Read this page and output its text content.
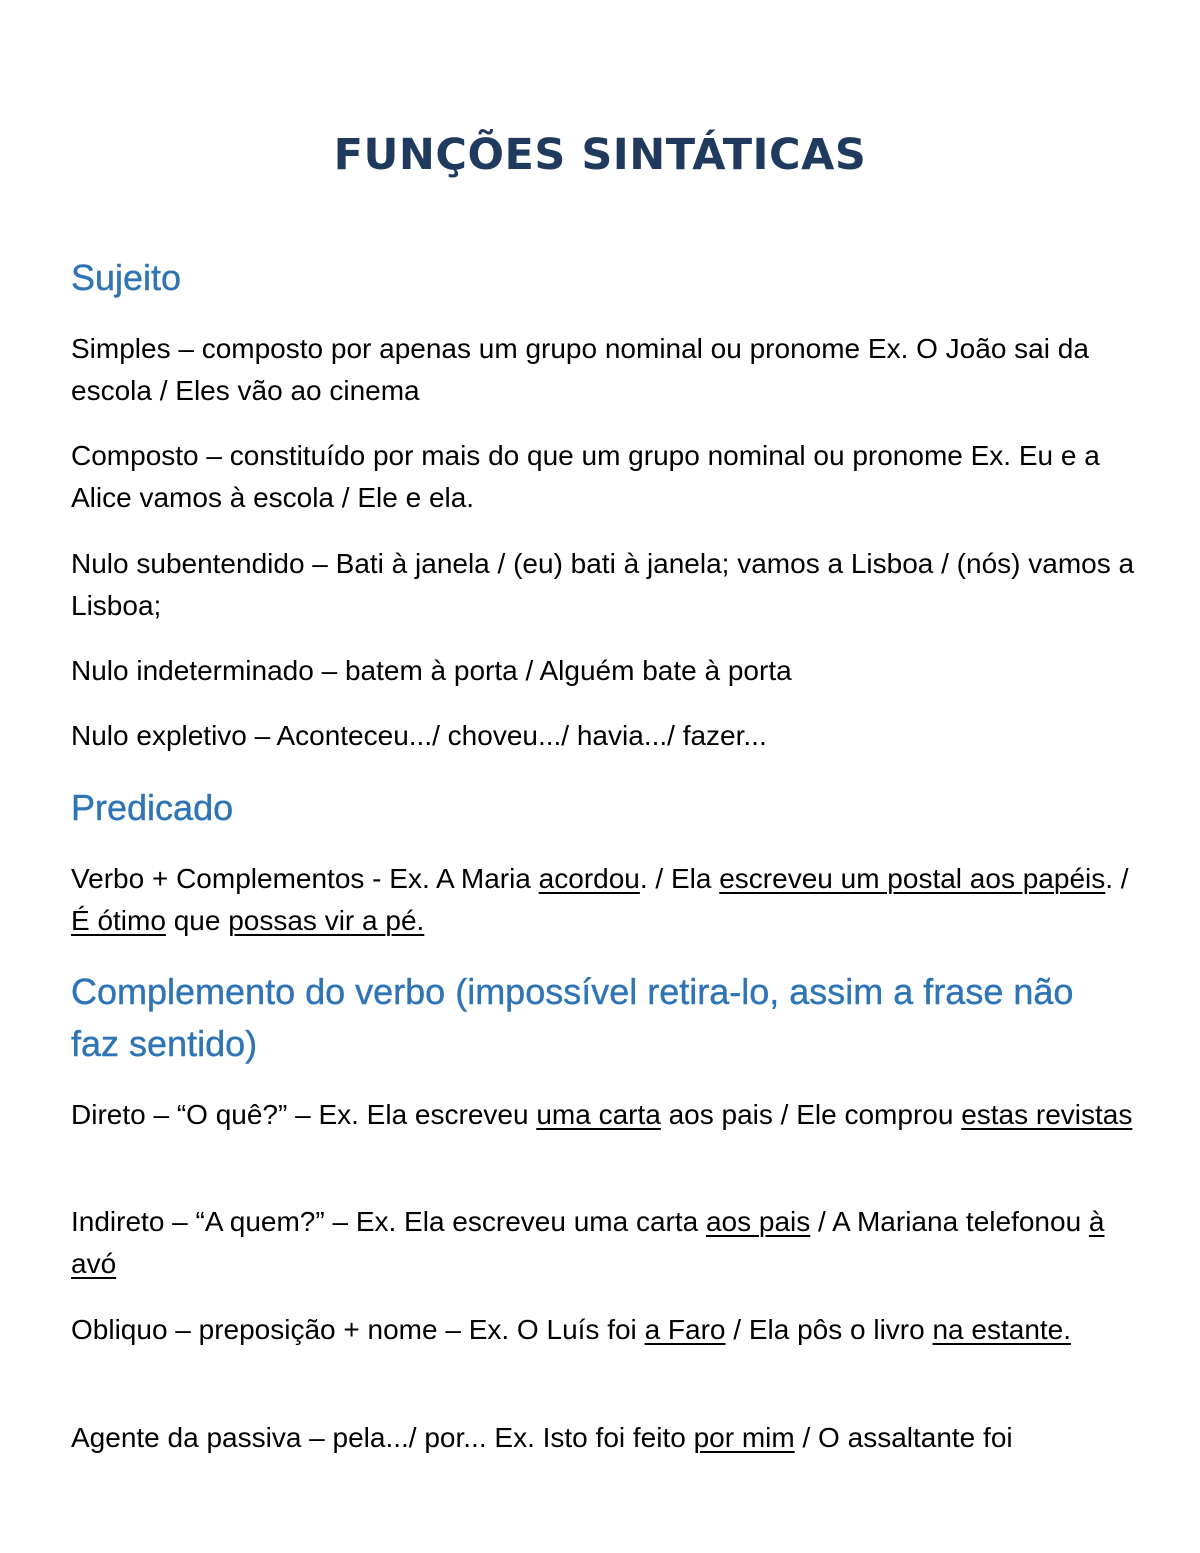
FUNÇÕES SINTÁTICAS
Sujeito

Simples – composto por apenas um grupo nominal ou pronome Ex. O João sai da escola / Eles vão ao cinema

Composto – constituído por mais do que um grupo nominal ou pronome Ex. Eu e a Alice vamos à escola / Ele e ela.

Nulo subentendido – Bati à janela / (eu) bati à janela; vamos a Lisboa / (nós) vamos a Lisboa;

Nulo indeterminado – batem à porta / Alguém bate à porta

Nulo expletivo – Aconteceu.../ choveu.../ havia.../ fazer...

Predicado

Verbo + Complementos - Ex. A Maria acordou. / Ela escreveu um postal aos papéis. / É ótimo que possas vir a pé.

Complemento do verbo (impossível retira-lo, assim a frase não faz sentido)

Direto – “O quê?” – Ex. Ela escreveu uma carta aos pais / Ele comprou estas revistas

Indireto – “A quem?” – Ex. Ela escreveu uma carta aos pais / A Mariana telefonou à avó

Obliquo – preposição + nome – Ex. O Luís foi a Faro / Ela pôs o livro na estante.

Agente da passiva – pela.../ por... Ex. Isto foi feito por mim / O assaltante foi
